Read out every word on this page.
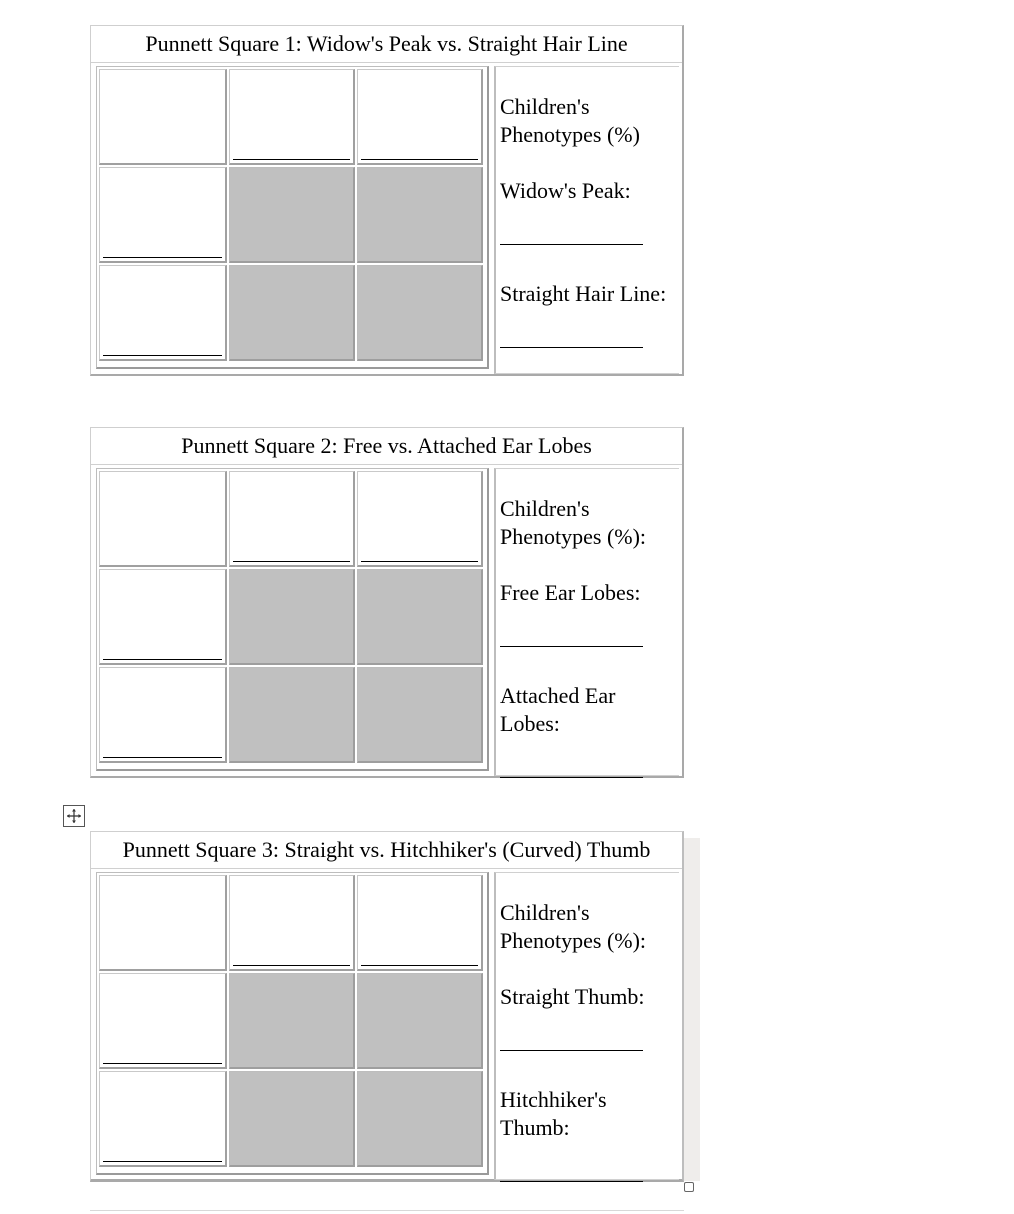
Punnett Square 1: Widow's Peak vs. Straight Hair Line

Children's Phenotypes (%)

Widow's Peak:

Straight Hair Line:

Punnett Square 2: Free vs. Attached Ear Lobes

Children's Phenotypes (%):

Free Ear Lobes:

Attached Ear Lobes:

Punnett Square 3: Straight vs. Hitchhiker's (Curved) Thumb

Children's Phenotypes (%):

Straight Thumb:

Hitchhiker's Thumb:
